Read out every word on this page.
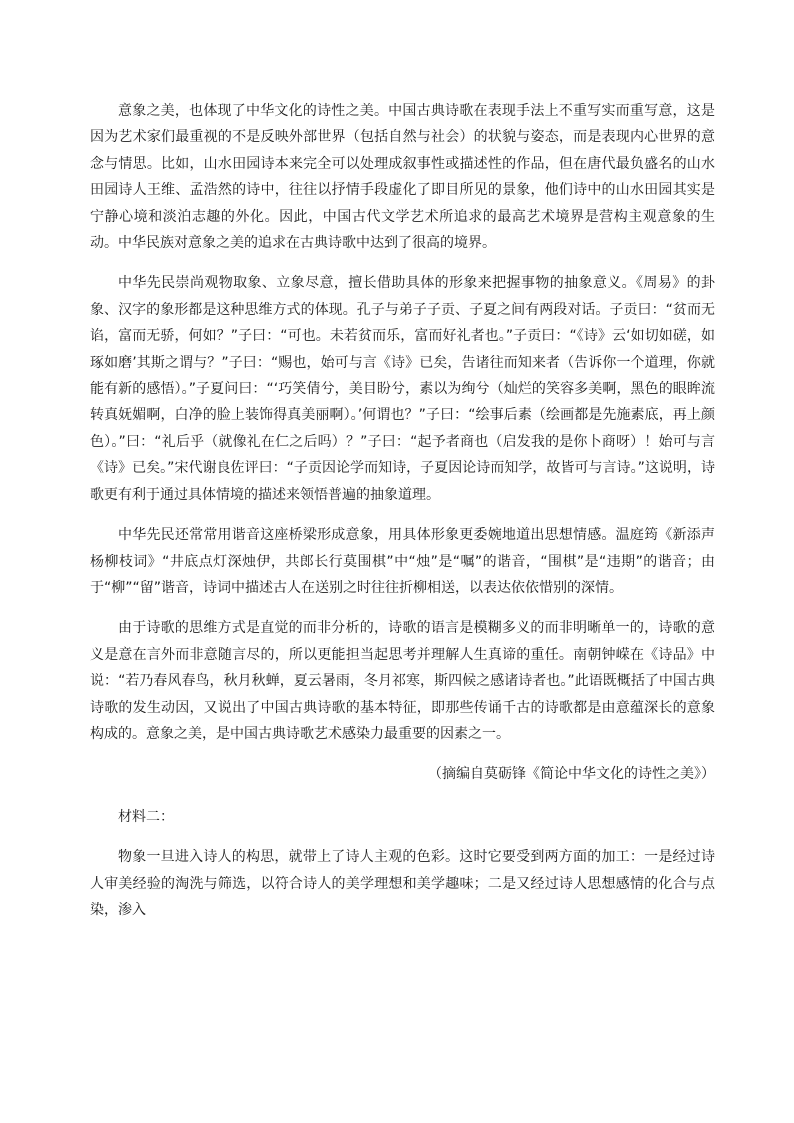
意象之美，也体现了中华文化的诗性之美。中国古典诗歌在表现手法上不重写实而重写意，这是因为艺术家们最重视的不是反映外部世界（包括自然与社会）的状貌与姿态，而是表现内心世界的意念与情思。比如，山水田园诗本来完全可以处理成叙事性或描述性的作品，但在唐代最负盛名的山水田园诗人王维、孟浩然的诗中，往往以抒情手段虚化了即目所见的景象，他们诗中的山水田园其实是宁静心境和淡泊志趣的外化。因此，中国古代文学艺术所追求的最高艺术境界是营构主观意象的生动。中华民族对意象之美的追求在古典诗歌中达到了很高的境界。

中华先民崇尚观物取象、立象尽意，擅长借助具体的形象来把握事物的抽象意义。《周易》的卦象、汉字的象形都是这种思维方式的体现。孔子与弟子子贡、子夏之间有两段对话。子贡曰：“贫而无谄，富而无骄，何如？”子曰：“可也。未若贫而乐，富而好礼者也。”子贡曰：“《诗》云‘如切如磋，如琢如磨’其斯之谓与？”子曰：“赐也，始可与言《诗》已矣，告诸往而知来者（告诉你一个道理，你就能有新的感悟）。”子夏问曰：“‘巧笑倩兮，美目盼兮，素以为绚兮（灿烂的笑容多美啊，黑色的眼眸流转真妩媚啊，白净的脸上装饰得真美丽啊）。’何谓也？”子曰：“绘事后素（绘画都是先施素底，再上颜色）。”曰：“礼后乎（就像礼在仁之后吗）？”子曰：“起予者商也（启发我的是你卜商呀）！始可与言《诗》已矣。”宋代谢良佐评曰：“子贡因论学而知诗，子夏因论诗而知学，故皆可与言诗。”这说明，诗歌更有利于通过具体情境的描述来领悟普遍的抽象道理。

中华先民还常常用谐音这座桥梁形成意象，用具体形象更委婉地道出思想情感。温庭筠《新添声杨柳枝词》“井底点灯深烛伊，共郎长行莫围棋”中“烛”是“嘱”的谐音，“围棋”是“违期”的谐音；由于“柳”“留”谐音，诗词中描述古人在送别之时往往折柳相送，以表达依依惜别的深情。

由于诗歌的思维方式是直觉的而非分析的，诗歌的语言是模糊多义的而非明晰单一的，诗歌的意义是意在言外而非意随言尽的，所以更能担当起思考并理解人生真谛的重任。南朝钟嵘在《诗品》中说：“若乃春风春鸟，秋月秋蝉，夏云暑雨，冬月祁寒，斯四候之感诸诗者也。”此语既概括了中国古典诗歌的发生动因，又说出了中国古典诗歌的基本特征，即那些传诵千古的诗歌都是由意蕴深长的意象构成的。意象之美，是中国古典诗歌艺术感染力最重要的因素之一。

（摘编自莫砺锋《简论中华文化的诗性之美》）

材料二：

物象一旦进入诗人的构思，就带上了诗人主观的色彩。这时它要受到两方面的加工：一是经过诗人审美经验的淘洗与筛选，以符合诗人的美学理想和美学趣味；二是又经过诗人思想感情的化合与点染，渗入
